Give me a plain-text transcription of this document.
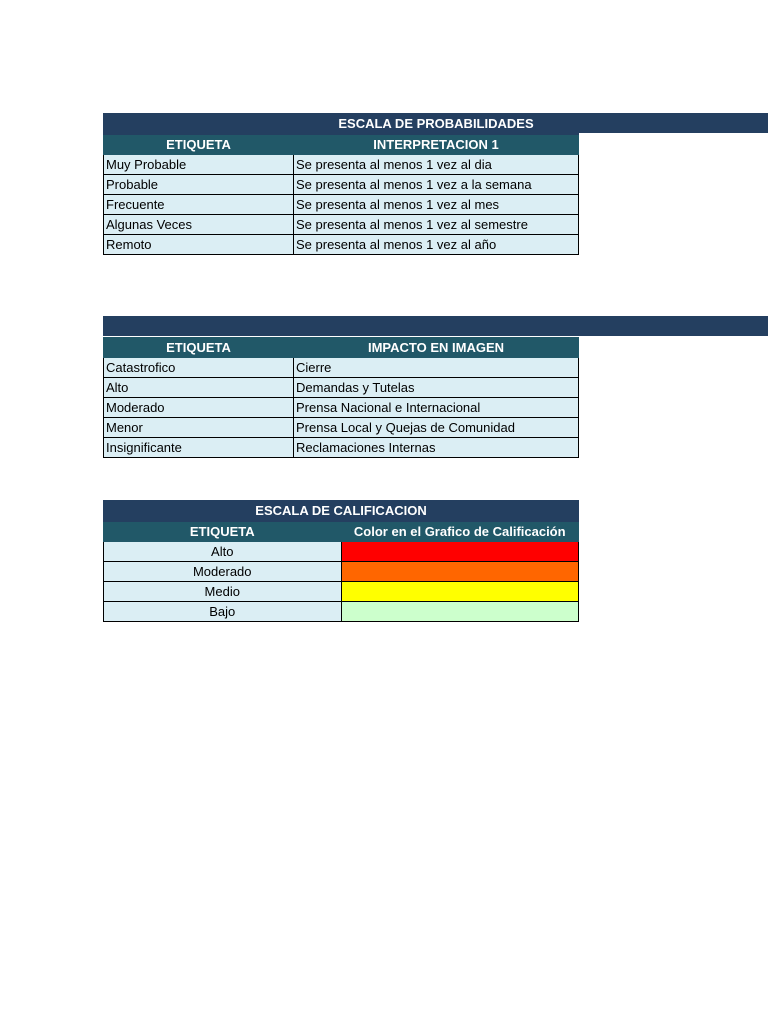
	ESCALA DE PROBABILIDADES
ETIQUETA	INTERPRETACION 1
Muy Probable	Se presenta al menos 1 vez al dia
Probable	Se presenta al menos 1 vez a la semana
Frecuente	Se presenta al menos 1 vez al mes
Algunas Veces	Se presenta al menos 1 vez al semestre
Remoto	Se presenta al menos 1 vez al año
ETIQUETA	IMPACTO EN IMAGEN
Catastrofico	Cierre
Alto	Demandas y Tutelas
Moderado	Prensa Nacional e Internacional
Menor	Prensa Local y Quejas de Comunidad
Insignificante	Reclamaciones Internas
ESCALA DE CALIFICACION	
ETIQUETA	Color en el Grafico de Calificación
Alto	
Moderado	
Medio	
Bajo	
